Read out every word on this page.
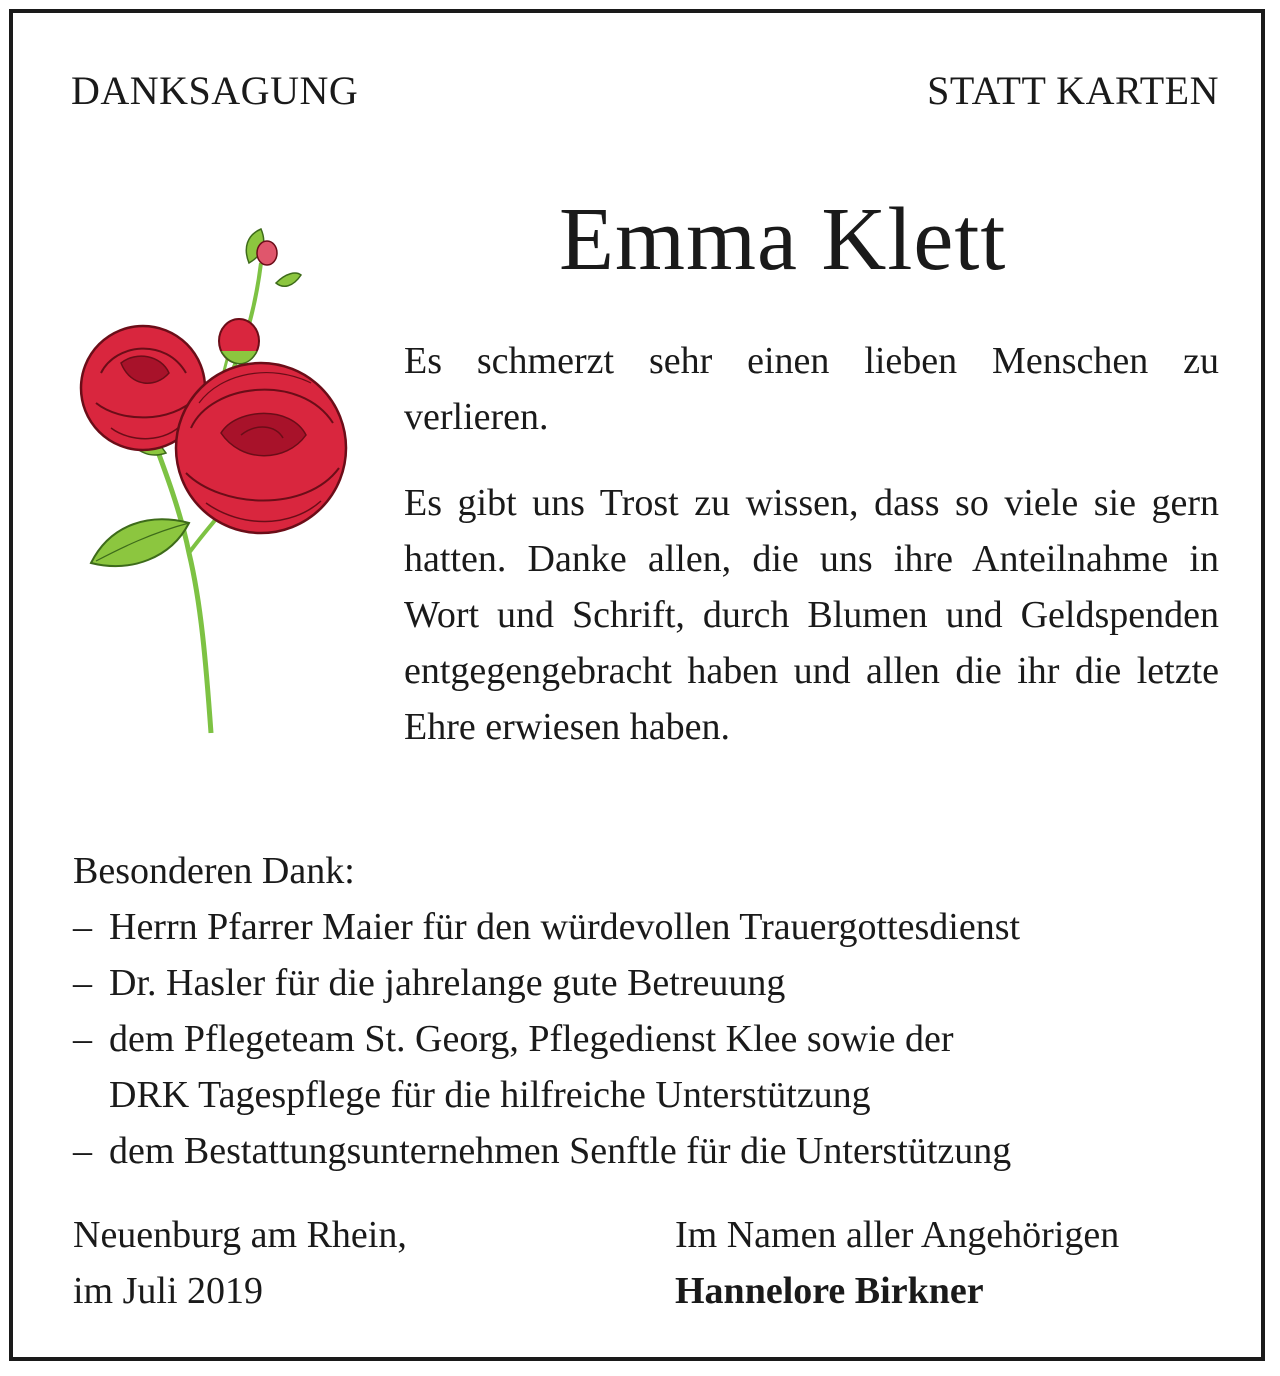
DANKSAGUNG	STATT KARTEN

Emma Klett

Es schmerzt sehr einen lieben Menschen zu verlieren.

Es gibt uns Trost zu wissen, dass so viele sie gern hatten. Danke allen, die uns ihre Anteilnahme in Wort und Schrift, durch Blumen und Geldspenden entgegengebracht haben und allen die ihr die letzte Ehre erwiesen haben.

Besonderen Dank:
– Herrn Pfarrer Maier für den würdevollen Trauergottesdienst
– Dr. Hasler für die jahrelange gute Betreuung
– dem Pflegeteam St. Georg, Pflegedienst Klee sowie der
DRK Tagespflege für die hilfreiche Unterstützung
– dem Bestattungsunternehmen Senftle für die Unterstützung

Neuenburg am Rhein,

im Juli 2019

Im Namen aller Angehörigen

Hannelore Birkner
